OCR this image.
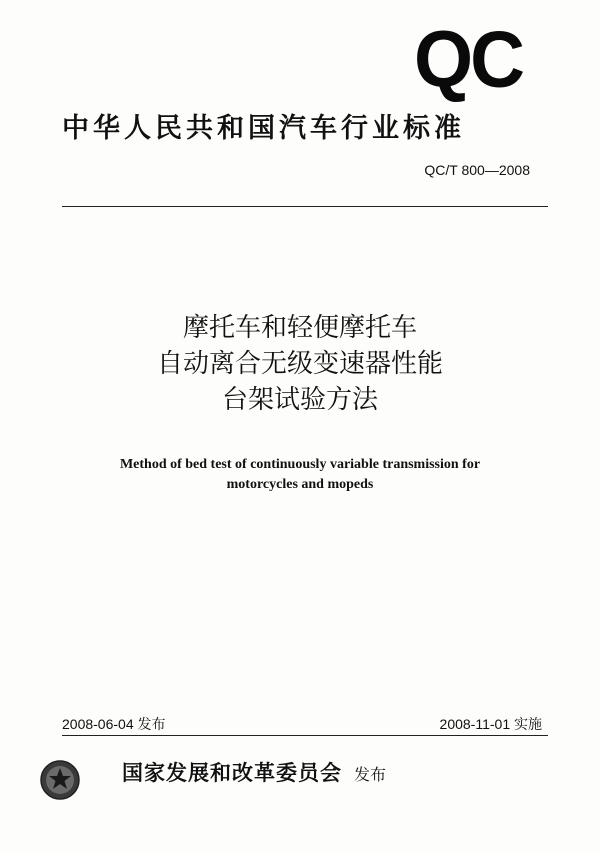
QC
中华人民共和国汽车行业标准
QC/T 800—2008
摩托车和轻便摩托车
自动离合无级变速器性能
台架试验方法
Method of bed test of continuously variable transmission for
motorcycles and mopeds
2008-06-04 发布	2008-11-01 实施
国家发展和改革委员会 发布
